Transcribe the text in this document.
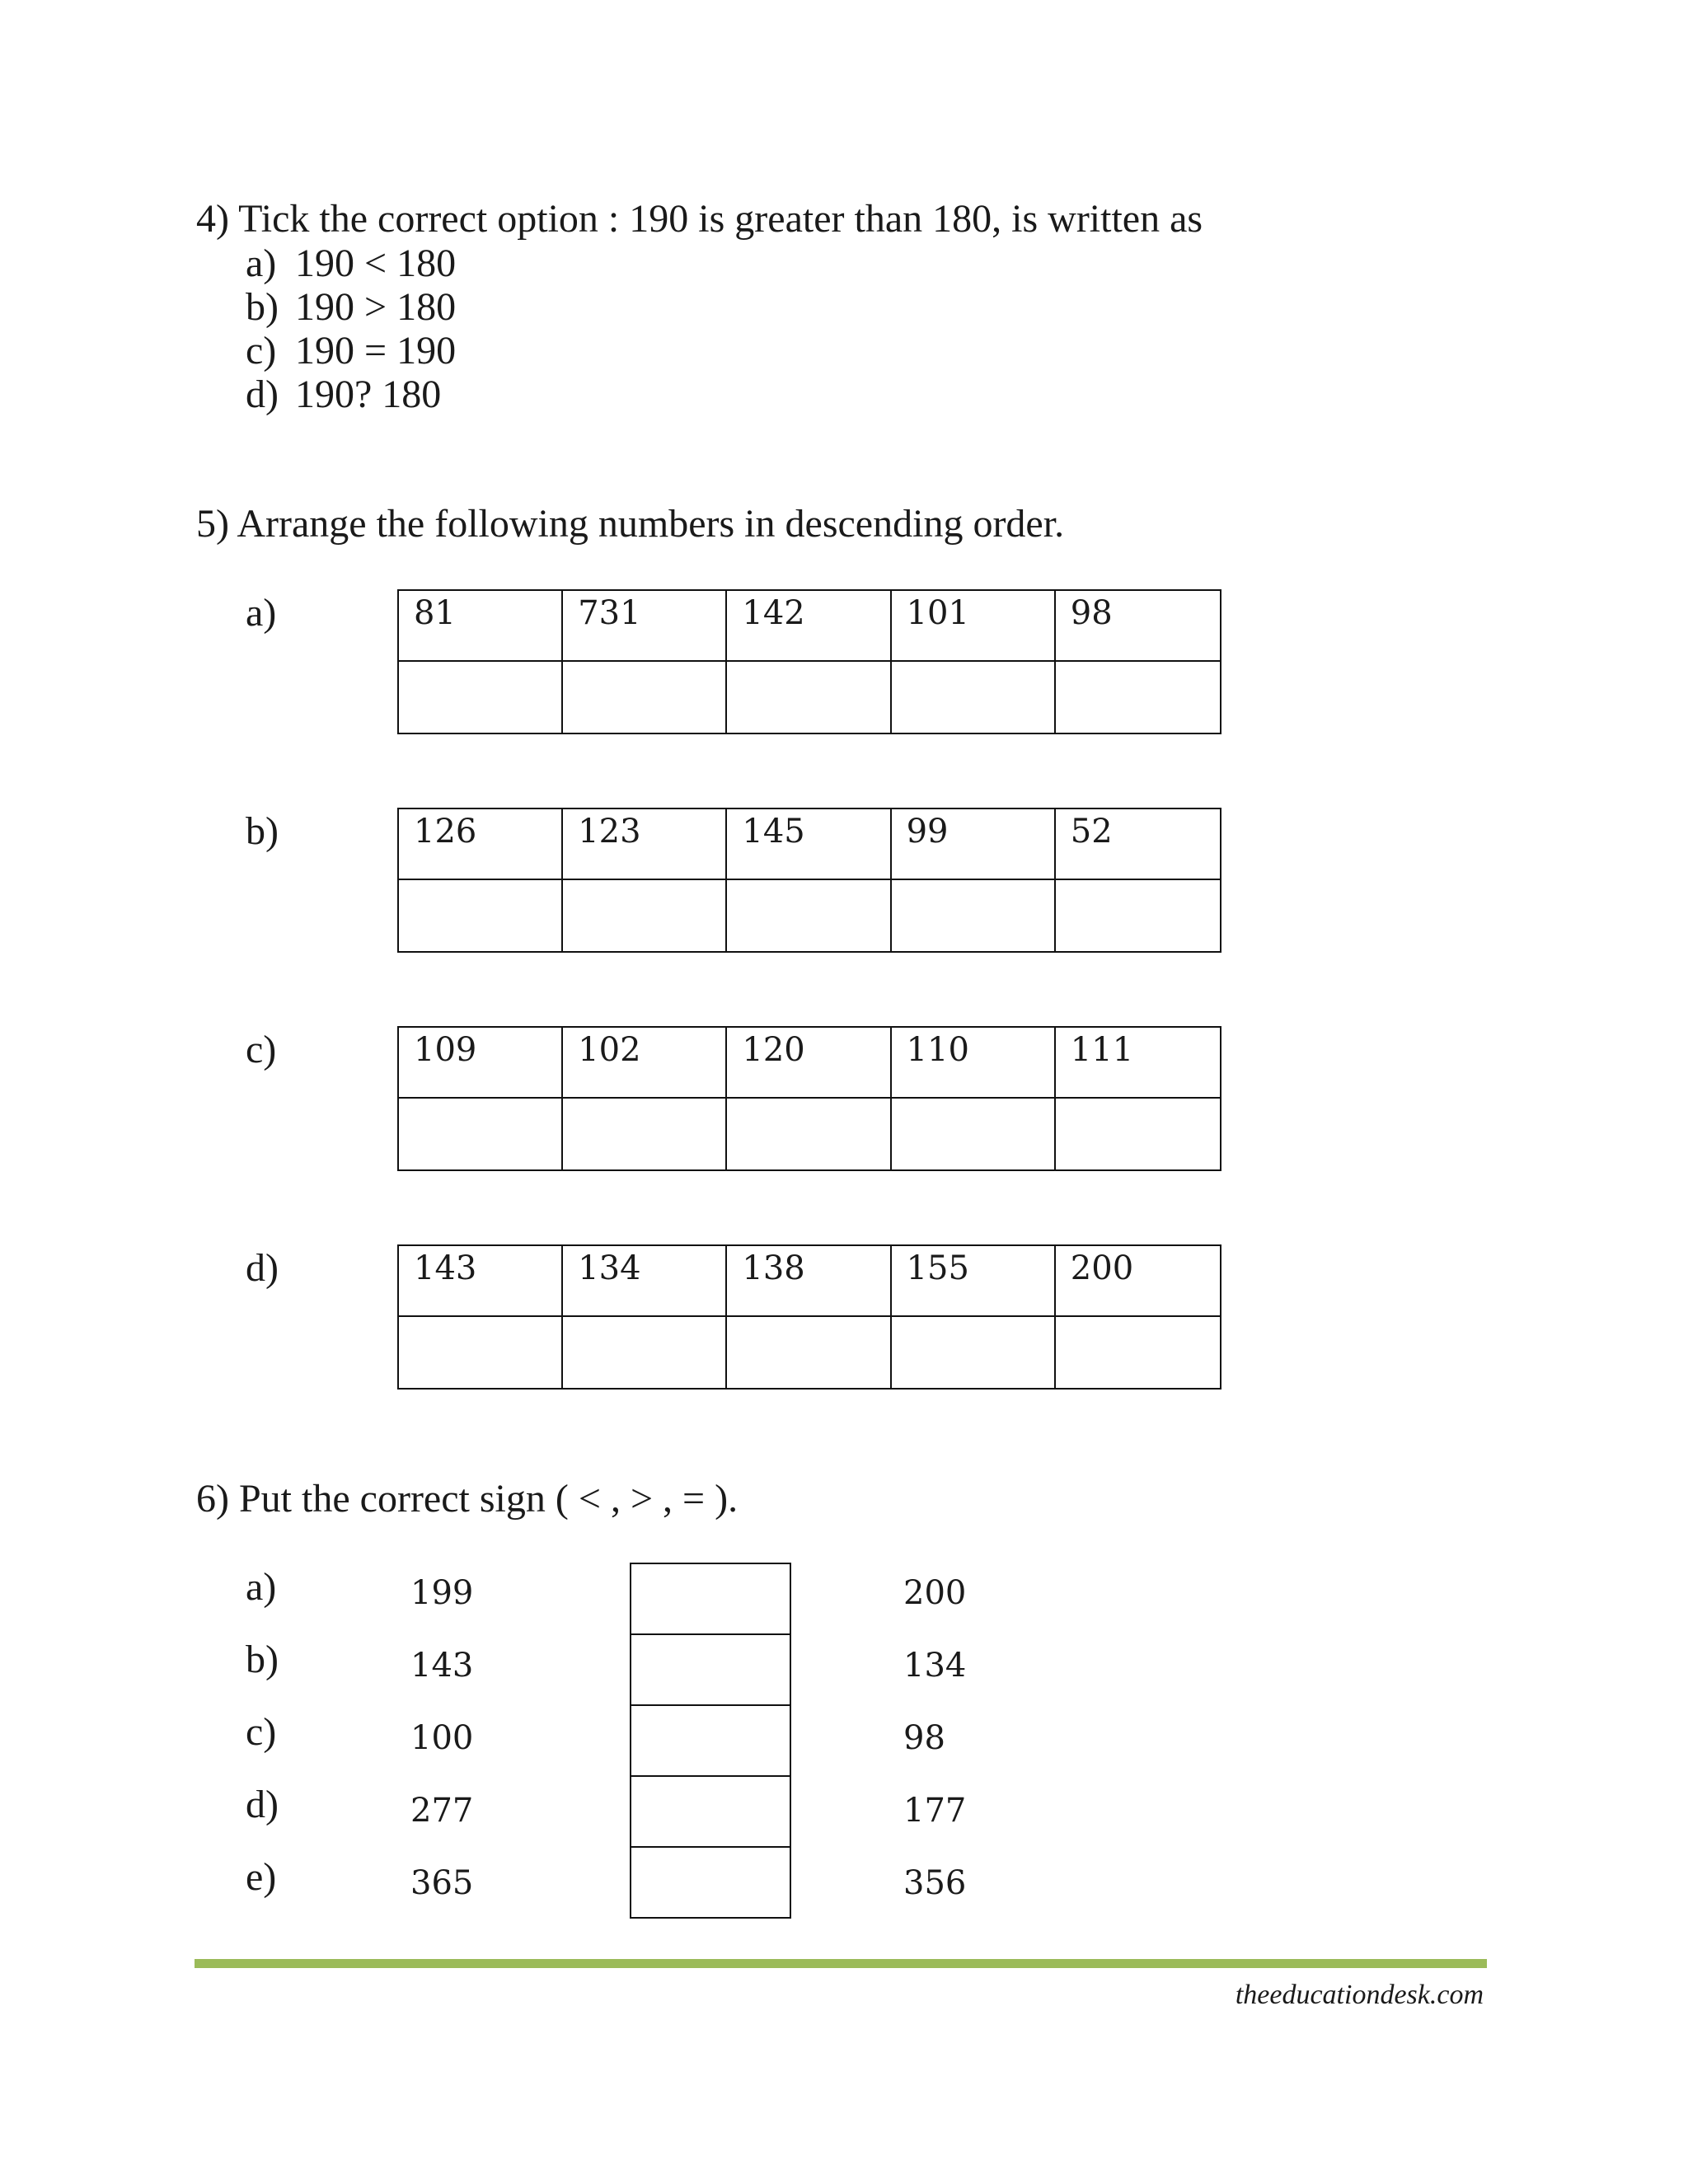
4) Tick the correct option : 190 is greater than 180, is written as
a) 190 < 180
b) 190 > 180
c) 190 = 190
d) 190? 180
5) Arrange the following numbers in descending order.
a)	81	731	142	101	98
b)	126	123	145	99	52
c)	109	102	120	110	111
d)	143	134	138	155	200
6) Put the correct sign ( < , > , = ).
a)	199	200
b)	143	134
c)	100	98
d)	277	177
e)	365	356
theeducationdesk.com
